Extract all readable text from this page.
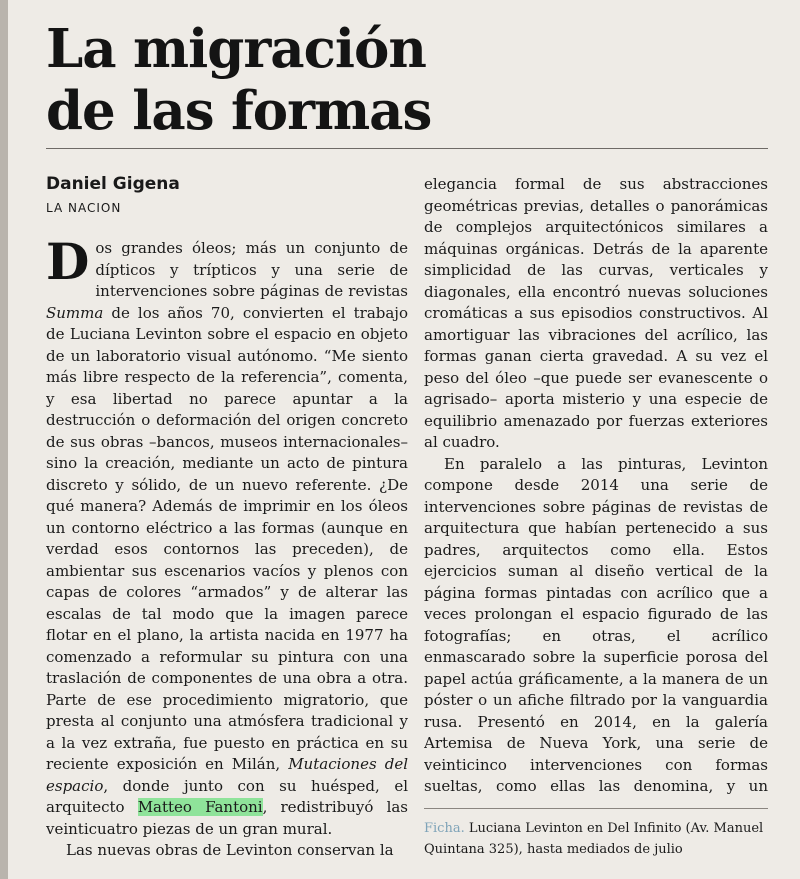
La migración
de las formas
Daniel Gigena
LA NACION

Dos grandes óleos; más un conjunto de dípticos y trípticos y una serie de intervenciones sobre páginas de revistas Summa de los años 70, convierten el trabajo de Luciana Levinton sobre el espacio en objeto de un laboratorio visual autónomo. “Me siento más libre respecto de la referencia”, comenta, y esa libertad no parece apuntar a la destrucción o deformación del origen concreto de sus obras –bancos, museos internacionales– sino la creación, mediante un acto de pintura discreto y sólido, de un nuevo referente. ¿De qué manera? Además de imprimir en los óleos un contorno eléctrico a las formas (aunque en verdad esos contornos las preceden), de ambientar sus escenarios vacíos y plenos con capas de colores “armados” y de alterar las escalas de tal modo que la imagen parece flotar en el plano, la artista nacida en 1977 ha comenzado a reformular su pintura con una traslación de componentes de una obra a otra. Parte de ese procedimiento migratorio, que presta al conjunto una atmósfera tradicional y a la vez extraña, fue puesto en práctica en su reciente exposición en Milán, Mutaciones del espacio, donde junto con su huésped, el arquitecto Matteo Fantoni, redistribuyó las veinticuatro piezas de un gran mural.

Las nuevas obras de Levinton conservan la

elegancia formal de sus abstracciones geométricas previas, detalles o panorámicas de complejos arquitectónicos similares a máquinas orgánicas. Detrás de la aparente simplicidad de las curvas, verticales y diagonales, ella encontró nuevas soluciones cromáticas a sus episodios constructivos. Al amortiguar las vibraciones del acrílico, las formas ganan cierta gravedad. A su vez el peso del óleo –que puede ser evanescente o agrisado– aporta misterio y una especie de equilibrio amenazado por fuerzas exteriores al cuadro.

En paralelo a las pinturas, Levinton compone desde 2014 una serie de intervenciones sobre páginas de revistas de arquitectura que habían pertenecido a sus padres, arquitectos como ella. Estos ejercicios suman al diseño vertical de la página formas pintadas con acrílico que a veces prolongan el espacio figurado de las fotografías; en otras, el acrílico enmascarado sobre la superficie porosa del papel actúa gráficamente, a la manera de un póster o un afiche filtrado por la vanguardia rusa. Presentó en 2014, en la galería Artemisa de Nueva York, una serie de veinticinco intervenciones con formas sueltas, como ellas las denomina, y un

Ficha. Luciana Levinton en Del Infinito (Av. Manuel Quintana 325), hasta mediados de julio
